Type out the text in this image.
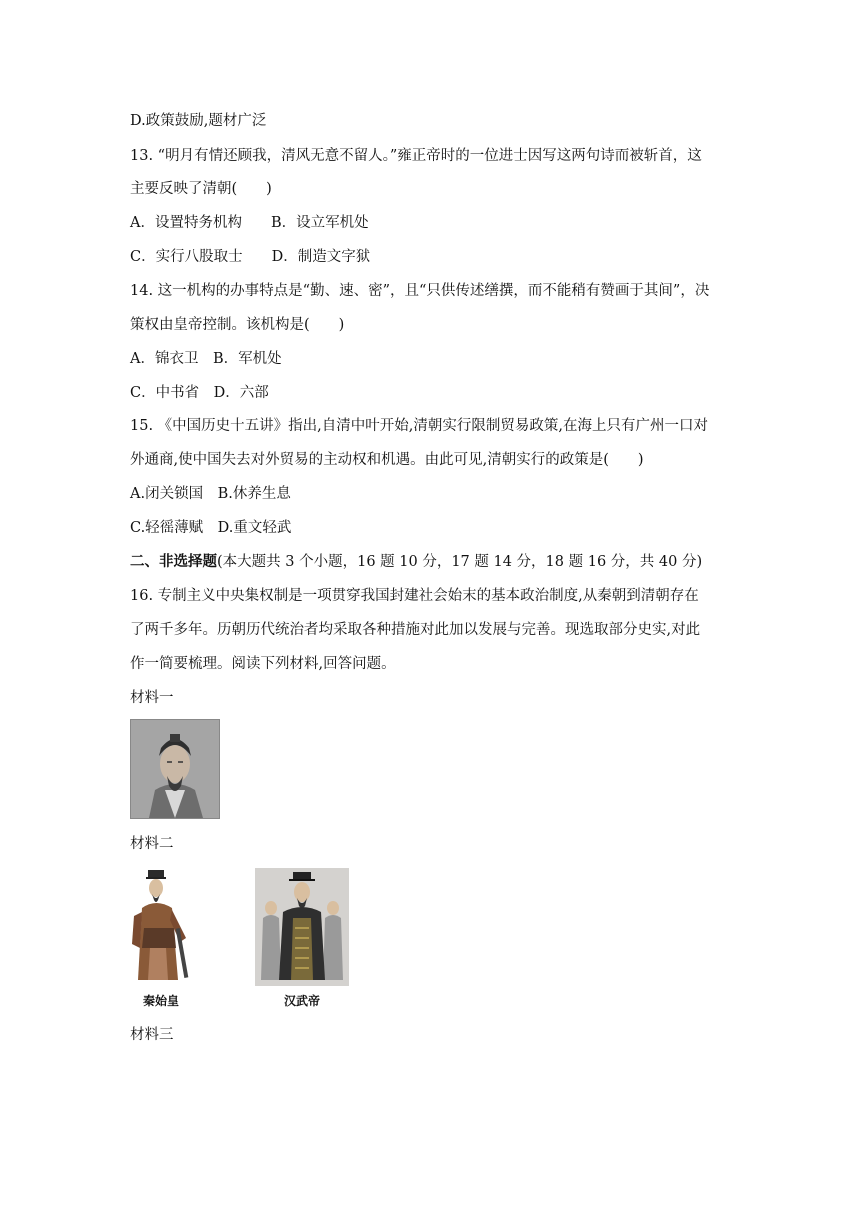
D.政策鼓励,题材广泛
13. “明月有情还顾我，清风无意不留人。”雍正帝时的一位进士因写这两句诗而被斩首，这
主要反映了清朝(　　)
A．设置特务机构　　B．设立军机处
C．实行八股取士　　D．制造文字狱
14. 这一机构的办事特点是“勤、速、密”，且“只供传述缮撰，而不能稍有赞画于其间”，决
策权由皇帝控制。该机构是(　　)
A．锦衣卫　B．军机处
C．中书省　D．六部
15. 《中国历史十五讲》指出,自清中叶开始,清朝实行限制贸易政策,在海上只有广州一口对
外通商,使中国失去对外贸易的主动权和机遇。由此可见,清朝实行的政策是(　　)
A.闭关锁国　B.休养生息
C.轻徭薄赋　D.重文轻武
二、非选择题(本大题共 3 个小题，16 题 10 分，17 题 14 分，18 题 16 分，共 40 分)
16. 专制主义中央集权制是一项贯穿我国封建社会始末的基本政治制度,从秦朝到清朝存在
了两千多年。历朝历代统治者均采取各种措施对此加以发展与完善。现选取部分史实,对此
作一简要梳理。阅读下列材料,回答问题。
材料一
材料二
秦始皇	汉武帝
材料三
